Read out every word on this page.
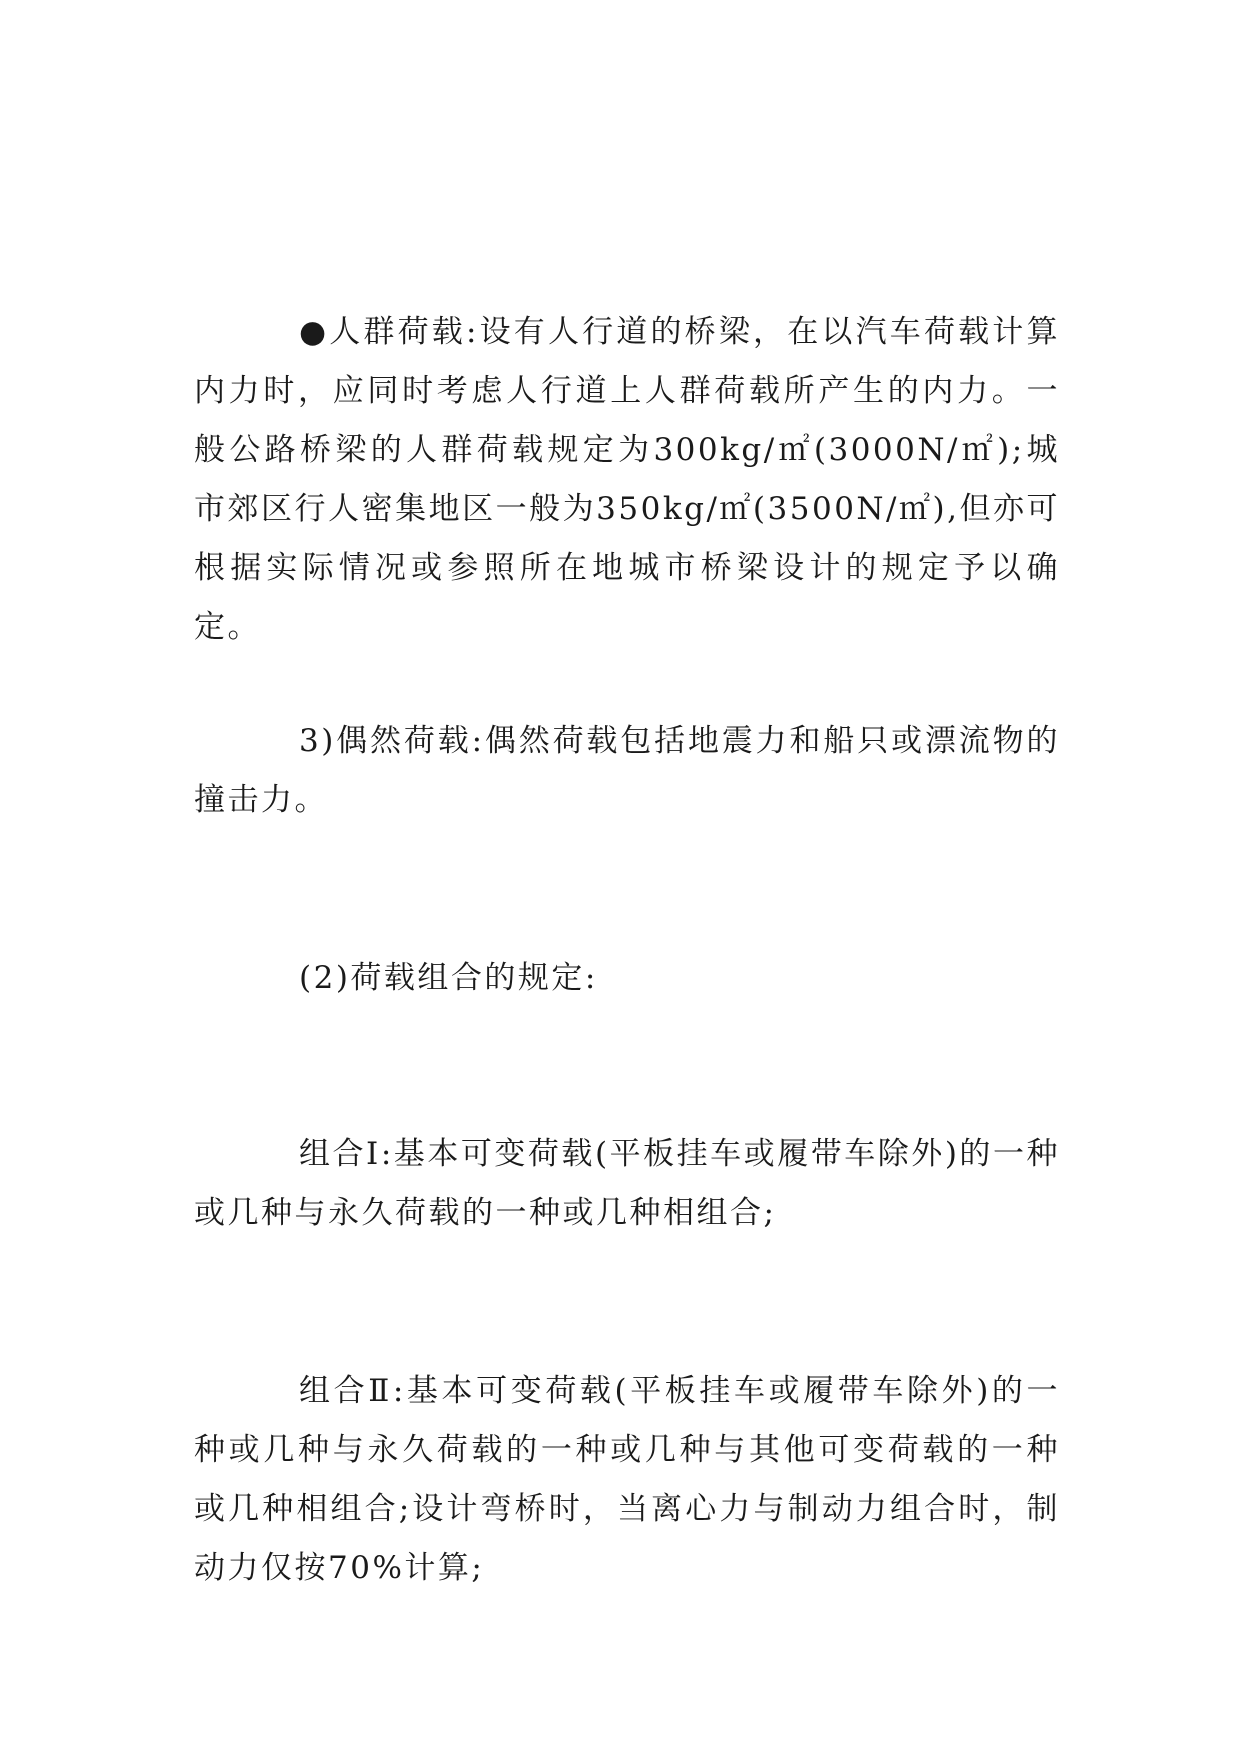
●人群荷载:设有人行道的桥梁，在以汽车荷载计算内力时，应同时考虑人行道上人群荷载所产生的内力。一般公路桥梁的人群荷载规定为300kg/㎡(3000N/㎡);城市郊区行人密集地区一般为350kg/㎡(3500N/㎡),但亦可根据实际情况或参照所在地城市桥梁设计的规定予以确定。

3)偶然荷载:偶然荷载包括地震力和船只或漂流物的撞击力。

(2)荷载组合的规定:

组合Ⅰ:基本可变荷载(平板挂车或履带车除外)的一种或几种与永久荷载的一种或几种相组合;

组合Ⅱ:基本可变荷载(平板挂车或履带车除外)的一种或几种与永久荷载的一种或几种与其他可变荷载的一种或几种相组合;设计弯桥时，当离心力与制动力组合时，制动力仅按70%计算;
